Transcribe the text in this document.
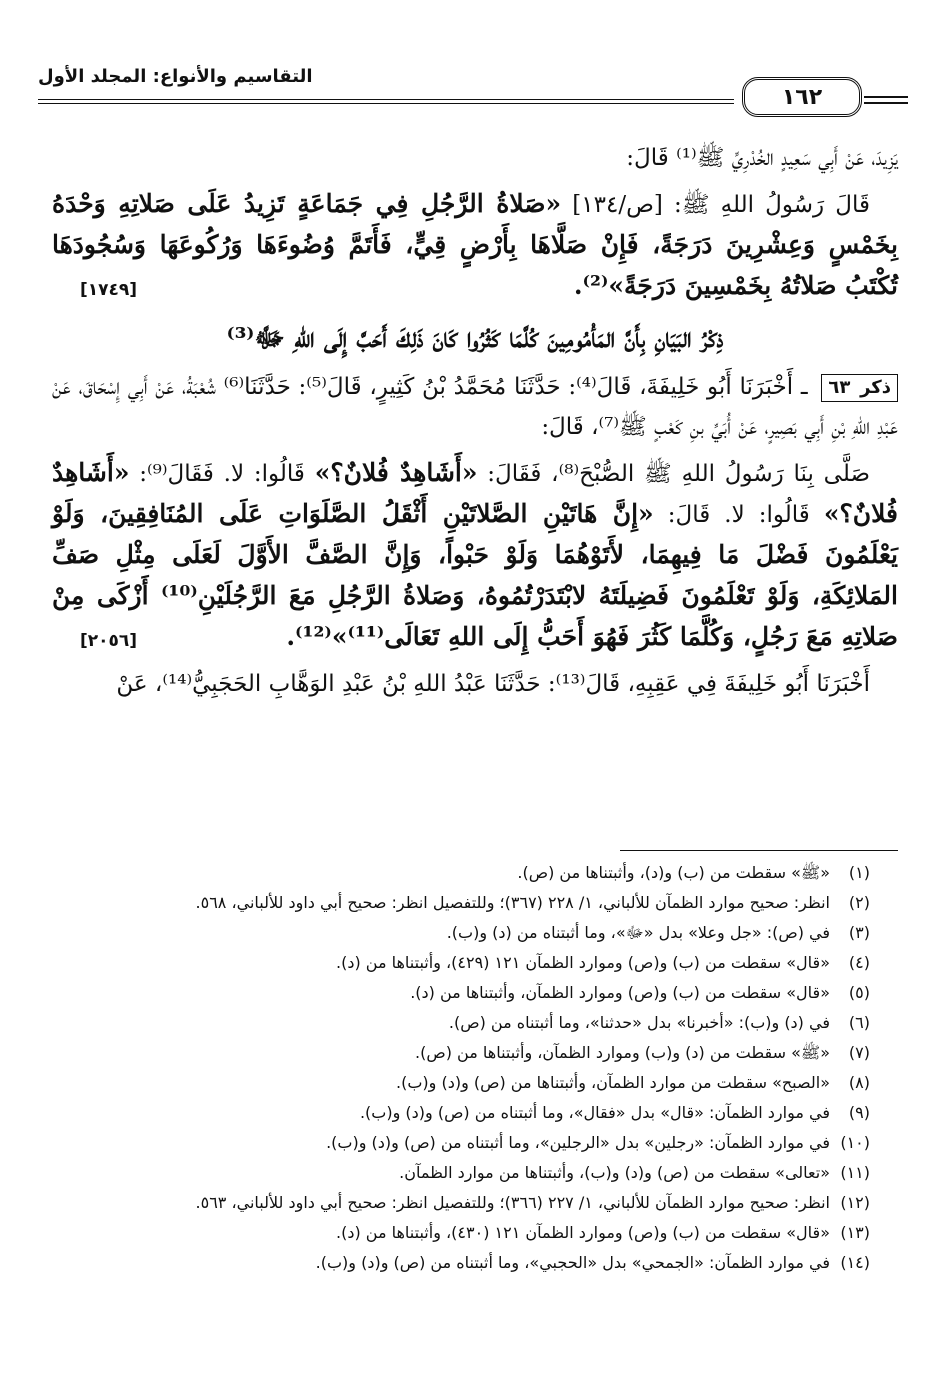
التقاسيم والأنواع: المجلد الأول
١٦٢

يَزِيدَ، عَنْ أَبِي سَعِيدٍ الخُدْرِيِّ ﷺ⁽¹⁾ قَالَ:

قَالَ رَسُولُ اللهِ ﷺ: [ص/١٣٤] «صَلاةُ الرَّجُلِ فِي جَمَاعَةٍ تَزِيدُ عَلَى صَلاتِهِ وَحْدَهُ بِخَمْسٍ وَعِشْرِينَ دَرَجَةً، فَإِنْ صَلَّاهَا بِأَرْضٍ قِيٍّ، فَأَتَمَّ وُضُوءَهَا وَرُكُوعَهَا وَسُجُودَهَا تُكْتَبُ صَلاتُهُ بِخَمْسِينَ دَرَجَةً»⁽²⁾.
[١٧٤٩]

ذِكْرُ البَيَانِ بِأَنَّ المَأْمُومِينَ كُلَّمَا كَثُرُوا كَانَ ذَلِكَ أَحَبَّ إِلَى اللهِ ﷻ⁽³⁾

ذكر ٦٣ ـ أَخْبَرَنَا أَبُو خَلِيفَةَ، قَالَ⁽⁴⁾: حَدَّثَنَا مُحَمَّدُ بْنُ كَثِيرٍ، قَالَ⁽⁵⁾: حَدَّثَنَا⁽⁶⁾ شُعْبَةُ، عَنْ أَبِي إِسْحَاقَ، عَنْ عَبْدِ اللهِ بْنِ أَبِي بَصِيرٍ، عَنْ أُبَيِّ بنِ كَعْبٍ ﷺ⁽⁷⁾، قَالَ:

صَلَّى بِنَا رَسُولُ اللهِ ﷺ الصُّبْحَ⁽⁸⁾، فَقَالَ: «أَشَاهِدٌ فُلانٌ؟» قَالُوا: لا. فَقَالَ⁽⁹⁾: «أَشَاهِدٌ فُلانٌ؟» قَالُوا: لا. قَالَ: «إِنَّ هَاتَيْنِ الصَّلاتَيْنِ أَثْقَلُ الصَّلَوَاتِ عَلَى المُنَافِقِينَ، وَلَوْ يَعْلَمُونَ فَضْلَ مَا فِيهِمَا، لأَتَوْهُمَا وَلَوْ حَبْواً، وَإِنَّ الصَّفَّ الأَوَّلَ لَعَلَى مِثْلِ صَفِّ المَلائِكَةِ، وَلَوْ تَعْلَمُونَ فَضِيلَتَهُ لابْتَدَرْتُمُوهُ، وَصَلاةُ الرَّجُلِ مَعَ الرَّجُلَيْنِ⁽¹⁰⁾ أَزْكَى مِنْ صَلاتِهِ مَعَ رَجُلٍ، وَكُلَّمَا كَثُرَ فَهُوَ أَحَبُّ إِلَى اللهِ تَعَالَى⁽¹¹⁾»⁽¹²⁾.
[٢٠٥٦]

أَخْبَرَنَا أَبُو خَلِيفَةَ فِي عَقِبِهِ، قَالَ⁽¹³⁾: حَدَّثَنَا عَبْدُ اللهِ بْنُ عَبْدِ الوَهَّابِ الحَجَبِيُّ⁽¹⁴⁾، عَنْ

(١)«ﷺ» سقطت من (ب) و(د)، وأثبتناها من (ص).
(٢)انظر: صحيح موارد الظمآن للألباني، ١/ ٢٢٨ (٣٦٧)؛ وللتفصيل انظر: صحيح أبي داود للألباني، ٥٦٨.
(٣)في (ص): «جل وعلا» بدل «ﷻ»، وما أثبتناه من (د) و(ب).
(٤)«قال» سقطت من (ب) و(ص) وموارد الظمآن ١٢١ (٤٢٩)، وأثبتناها من (د).
(٥)«قال» سقطت من (ب) و(ص) وموارد الظمآن، وأثبتناها من (د).
(٦)في (د) و(ب): «أخبرنا» بدل «حدثنا»، وما أثبتناه من (ص).
(٧)«ﷺ» سقطت من (د) و(ب) وموارد الظمآن، وأثبتناها من (ص).
(٨)«الصبح» سقطت من موارد الظمآن، وأثبتناها من (ص) و(د) و(ب).
(٩)في موارد الظمآن: «قال» بدل «فقال»، وما أثبتناه من (ص) و(د) و(ب).
(١٠)في موارد الظمآن: «رجلين» بدل «الرجلين»، وما أثبتناه من (ص) و(د) و(ب).
(١١)«تعالى» سقطت من (ص) و(د) و(ب)، وأثبتناها من موارد الظمآن.
(١٢)انظر: صحيح موارد الظمآن للألباني، ١/ ٢٢٧ (٣٦٦)؛ وللتفصيل انظر: صحيح أبي داود للألباني، ٥٦٣.
(١٣)«قال» سقطت من (ب) و(ص) وموارد الظمآن ١٢١ (٤٣٠)، وأثبتناها من (د).
(١٤)في موارد الظمآن: «الجمحي» بدل «الحجبي»، وما أثبتناه من (ص) و(د) و(ب).
